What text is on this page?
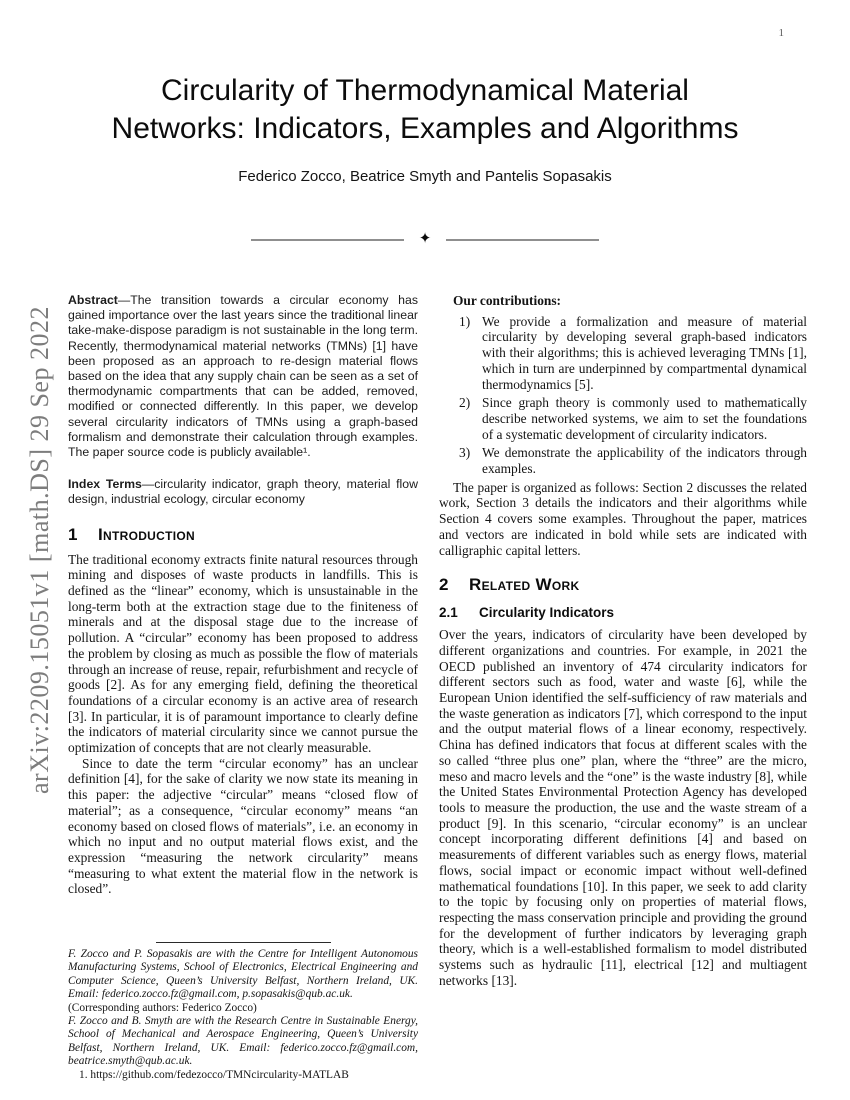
1
arXiv:2209.15051v1 [math.DS] 29 Sep 2022
Circularity of Thermodynamical Material
Networks: Indicators, Examples and Algorithms
Federico Zocco, Beatrice Smyth and Pantelis Sopasakis
✦

Abstract—The transition towards a circular economy has gained importance over the last years since the traditional linear take-make-dispose paradigm is not sustainable in the long term. Recently, thermodynamical material networks (TMNs) [1] have been proposed as an approach to re-design material flows based on the idea that any supply chain can be seen as a set of thermodynamic compartments that can be added, removed, modified or connected differently. In this paper, we develop several circularity indicators of TMNs using a graph-based formalism and demonstrate their calculation through examples. The paper source code is publicly available¹.

Index Terms—circularity indicator, graph theory, material flow design, industrial ecology, circular economy

1 Introduction

The traditional economy extracts finite natural resources through mining and disposes of waste products in landfills. This is defined as the “linear” economy, which is unsustainable in the long-term both at the extraction stage due to the finiteness of minerals and at the disposal stage due to the increase of pollution. A “circular” economy has been proposed to address the problem by closing as much as possible the flow of materials through an increase of reuse, repair, refurbishment and recycle of goods [2]. As for any emerging field, defining the theoretical foundations of a circular economy is an active area of research [3]. In particular, it is of paramount importance to clearly define the indicators of material circularity since we cannot pursue the optimization of concepts that are not clearly measurable.

Since to date the term “circular economy” has an unclear definition [4], for the sake of clarity we now state its meaning in this paper: the adjective “circular” means “closed flow of material”; as a consequence, “circular economy” means “an economy based on closed flows of materials”, i.e. an economy in which no input and no output material flows exist, and the expression “measuring the network circularity” means “measuring to what extent the material flow in the network is closed”.

F. Zocco and P. Sopasakis are with the Centre for Intelligent Autonomous Manufacturing Systems, School of Electronics, Electrical Engineering and Computer Science, Queen’s University Belfast, Northern Ireland, UK. Email: federico.zocco.fz@gmail.com, p.sopasakis@qub.ac.uk.
(Corresponding authors: Federico Zocco)
F. Zocco and B. Smyth are with the Research Centre in Sustainable Energy, School of Mechanical and Aerospace Engineering, Queen’s University Belfast, Northern Ireland, UK. Email: federico.zocco.fz@gmail.com, beatrice.smyth@qub.ac.uk.
1. https://github.com/fedezocco/TMNcircularity-MATLAB

Our contributions:

1) We provide a formalization and measure of material circularity by developing several graph-based indicators with their algorithms; this is achieved leveraging TMNs [1], which in turn are underpinned by compartmental dynamical thermodynamics [5].
2) Since graph theory is commonly used to mathematically describe networked systems, we aim to set the foundations of a systematic development of circularity indicators.
3) We demonstrate the applicability of the indicators through examples.

The paper is organized as follows: Section 2 discusses the related work, Section 3 details the indicators and their algorithms while Section 4 covers some examples. Throughout the paper, matrices and vectors are indicated in bold while sets are indicated with calligraphic capital letters.

2 Related Work
2.1 Circularity Indicators

Over the years, indicators of circularity have been developed by different organizations and countries. For example, in 2021 the OECD published an inventory of 474 circularity indicators for different sectors such as food, water and waste [6], while the European Union identified the self-sufficiency of raw materials and the waste generation as indicators [7], which correspond to the input and the output material flows of a linear economy, respectively. China has defined indicators that focus at different scales with the so called “three plus one” plan, where the “three” are the micro, meso and macro levels and the “one” is the waste industry [8], while the United States Environmental Protection Agency has developed tools to measure the production, the use and the waste stream of a product [9]. In this scenario, “circular economy” is an unclear concept incorporating different definitions [4] and based on measurements of different variables such as energy flows, material flows, social impact or economic impact without well-defined mathematical foundations [10]. In this paper, we seek to add clarity to the topic by focusing only on properties of material flows, respecting the mass conservation principle and providing the ground for the development of further indicators by leveraging graph theory, which is a well-established formalism to model distributed systems such as hydraulic [11], electrical [12] and multiagent networks [13].
